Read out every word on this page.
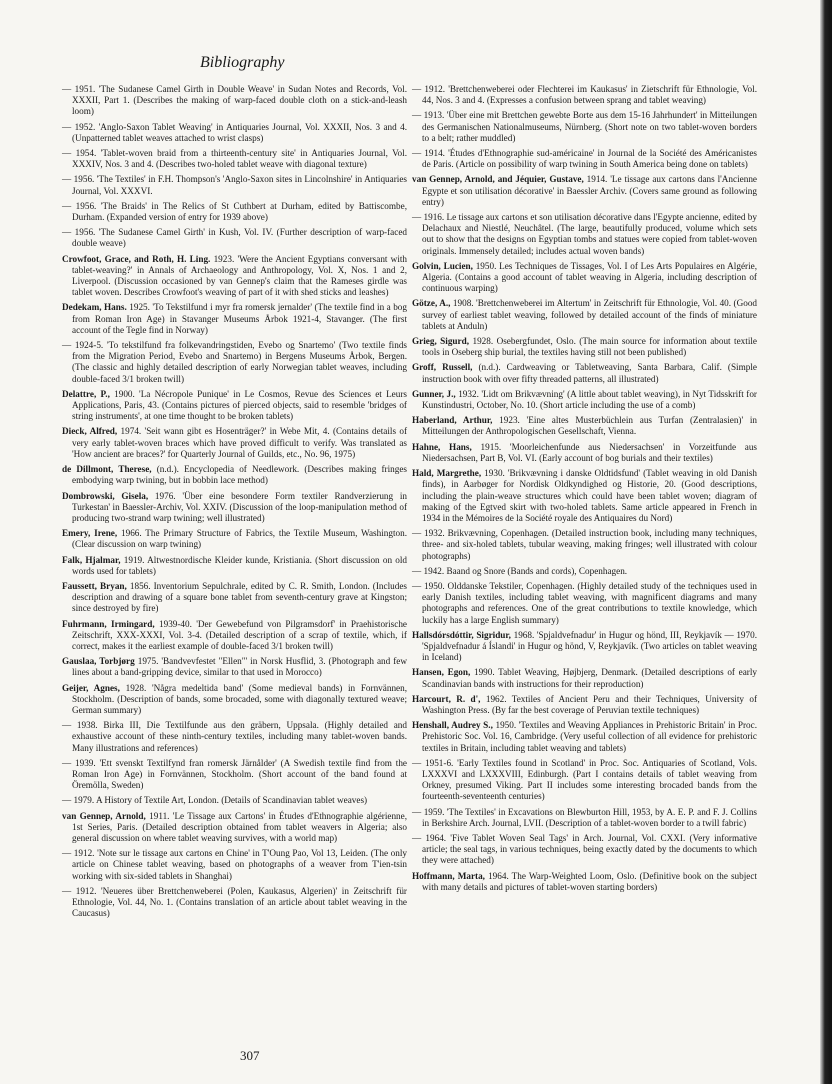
Bibliography

— 1951. 'The Sudanese Camel Girth in Double Weave' in Sudan Notes and Records, Vol. XXXII, Part 1. (Describes the making of warp-faced double cloth on a stick-and-leash loom)

— 1952. 'Anglo-Saxon Tablet Weaving' in Antiquaries Journal, Vol. XXXII, Nos. 3 and 4. (Unpatterned tablet weaves attached to wrist clasps)

— 1954. 'Tablet-woven braid from a thirteenth-century site' in Antiquaries Journal, Vol. XXXIV, Nos. 3 and 4. (Describes two-holed tablet weave with diagonal texture)

— 1956. 'The Textiles' in F.H. Thompson's 'Anglo-Saxon sites in Lincolnshire' in Antiquaries Journal, Vol. XXXVI.

— 1956. 'The Braids' in The Relics of St Cuthbert at Durham, edited by Battiscombe, Durham. (Expanded version of entry for 1939 above)

— 1956. 'The Sudanese Camel Girth' in Kush, Vol. IV. (Further description of warp-faced double weave)

Crowfoot, Grace, and Roth, H. Ling. 1923. 'Were the Ancient Egyptians conversant with tablet-weaving?' in Annals of Archaeology and Anthropology, Vol. X, Nos. 1 and 2, Liverpool. (Discussion occasioned by van Gennep's claim that the Rameses girdle was tablet woven. Describes Crowfoot's weaving of part of it with shed sticks and leashes)

Dedekam, Hans. 1925. 'To Tekstilfund i myr fra romersk jernalder' (The textile find in a bog from Roman Iron Age) in Stavanger Museums Årbok 1921-4, Stavanger. (The first account of the Tegle find in Norway)

— 1924-5. 'To tekstilfund fra folkevandringstiden, Evebo og Snartemo' (Two textile finds from the Migration Period, Evebo and Snartemo) in Bergens Museums Årbok, Bergen. (The classic and highly detailed description of early Norwegian tablet weaves, including double-faced 3/1 broken twill)

Delattre, P., 1900. 'La Nécropole Punique' in Le Cosmos, Revue des Sciences et Leurs Applications, Paris, 43. (Contains pictures of pierced objects, said to resemble 'bridges of string instruments', at one time thought to be broken tablets)

Dieck, Alfred, 1974. 'Seit wann gibt es Hosenträger?' in Webe Mit, 4. (Contains details of very early tablet-woven braces which have proved difficult to verify. Was translated as 'How ancient are braces?' for Quarterly Journal of Guilds, etc., No. 96, 1975)

de Dillmont, Therese, (n.d.). Encyclopedia of Needlework. (Describes making fringes embodying warp twining, but in bobbin lace method)

Dombrowski, Gisela, 1976. 'Über eine besondere Form textiler Randverzierung in Turkestan' in Baessler-Archiv, Vol. XXIV. (Discussion of the loop-manipulation method of producing two-strand warp twining; well illustrated)

Emery, Irene, 1966. The Primary Structure of Fabrics, the Textile Museum, Washington. (Clear discussion on warp twining)

Falk, Hjalmar, 1919. Altwestnordische Kleider kunde, Kristiania. (Short discussion on old words used for tablets)

Faussett, Bryan, 1856. Inventorium Sepulchrale, edited by C. R. Smith, London. (Includes description and drawing of a square bone tablet from seventh-century grave at Kingston; since destroyed by fire)

Fuhrmann, Irmingard, 1939-40. 'Der Gewebefund von Pilgramsdorf' in Praehistorische Zeitschrift, XXX-XXXI, Vol. 3-4. (Detailed description of a scrap of textile, which, if correct, makes it the earliest example of double-faced 3/1 broken twill)

Gauslaa, Torbjørg 1975. 'Bandvevfestet "Ellen"' in Norsk Husflid, 3. (Photograph and few lines about a band-gripping device, similar to that used in Morocco)

Geijer, Agnes, 1928. 'Några medeltida band' (Some medieval bands) in Fornvännen, Stockholm. (Description of bands, some brocaded, some with diagonally textured weave; German summary)

— 1938. Birka III, Die Textilfunde aus den gräbern, Uppsala. (Highly detailed and exhaustive account of these ninth-century textiles, including many tablet-woven bands. Many illustrations and references)

— 1939. 'Ett svenskt Textilfynd fran romersk Järnålder' (A Swedish textile find from the Roman Iron Age) in Fornvännen, Stockholm. (Short account of the band found at Öremölla, Sweden)

— 1979. A History of Textile Art, London. (Details of Scandinavian tablet weaves)

van Gennep, Arnold, 1911. 'Le Tissage aux Cartons' in Études d'Ethnographie algérienne, 1st Series, Paris. (Detailed description obtained from tablet weavers in Algeria; also general discussion on where tablet weaving survives, with a world map)

— 1912. 'Note sur le tissage aux cartons en Chine' in T'Oung Pao, Vol 13, Leiden. (The only article on Chinese tablet weaving, based on photographs of a weaver from T'ien-tsin working with six-sided tablets in Shanghai)

— 1912. 'Neueres über Brettchenweberei (Polen, Kaukasus, Algerien)' in Zeitschrift für Ethnologie, Vol. 44, No. 1. (Contains translation of an article about tablet weaving in the Caucasus)

— 1912. 'Brettchenweberei oder Flechterei im Kaukasus' in Zietschrift für Ethnologie, Vol. 44, Nos. 3 and 4. (Expresses a confusion between sprang and tablet weaving)

— 1913. 'Über eine mit Brettchen gewebte Borte aus dem 15-16 Jahrhundert' in Mitteilungen des Germanischen Nationalmuseums, Nürnberg. (Short note on two tablet-woven borders to a belt; rather muddled)

— 1914. 'Études d'Ethnographie sud-américaine' in Journal de la Société des Américanistes de Paris. (Article on possibility of warp twining in South America being done on tablets)

van Gennep, Arnold, and Jéquier, Gustave, 1914. 'Le tissage aux cartons dans l'Ancienne Egypte et son utilisation décorative' in Baessler Archiv. (Covers same ground as following entry)

— 1916. Le tissage aux cartons et son utilisation décorative dans l'Egypte ancienne, edited by Delachaux and Niestlé, Neuchâtel. (The large, beautifully produced, volume which sets out to show that the designs on Egyptian tombs and statues were copied from tablet-woven originals. Immensely detailed; includes actual woven bands)

Golvin, Lucien, 1950. Les Techniques de Tissages, Vol. I of Les Arts Populaires en Algérie, Algeria. (Contains a good account of tablet weaving in Algeria, including description of continuous warping)

Götze, A., 1908. 'Brettchenweberei im Altertum' in Zeitschrift für Ethnologie, Vol. 40. (Good survey of earliest tablet weaving, followed by detailed account of the finds of miniature tablets at Anduln)

Grieg, Sigurd, 1928. Osebergfundet, Oslo. (The main source for information about textile tools in Oseberg ship burial, the textiles having still not been published)

Groff, Russell, (n.d.). Cardweaving or Tabletweaving, Santa Barbara, Calif. (Simple instruction book with over fifty threaded patterns, all illustrated)

Gunner, J., 1932. 'Lidt om Brikvævning' (A little about tablet weaving), in Nyt Tidsskrift for Kunstindustri, October, No. 10. (Short article including the use of a comb)

Haberland, Arthur, 1923. 'Eine altes Musterbüchlein aus Turfan (Zentralasien)' in Mitteilungen der Anthropologischen Gesellschaft, Vienna.

Hahne, Hans, 1915. 'Moorleichenfunde aus Niedersachsen' in Vorzeitfunde aus Niedersachsen, Part B, Vol. VI. (Early account of bog burials and their textiles)

Hald, Margrethe, 1930. 'Brikvævning i danske Oldtidsfund' (Tablet weaving in old Danish finds), in Aarbøger for Nordisk Oldkyndighed og Historie, 20. (Good descriptions, including the plain-weave structures which could have been tablet woven; diagram of making of the Egtved skirt with two-holed tablets. Same article appeared in French in 1934 in the Mémoires de la Société royale des Antiquaires du Nord)

— 1932. Brikvævning, Copenhagen. (Detailed instruction book, including many techniques, three- and six-holed tablets, tubular weaving, making fringes; well illustrated with colour photographs)

— 1942. Baand og Snore (Bands and cords), Copenhagen.

— 1950. Olddanske Tekstiler, Copenhagen. (Highly detailed study of the techniques used in early Danish textiles, including tablet weaving, with magnificent diagrams and many photographs and references. One of the great contributions to textile knowledge, which luckily has a large English summary)

Hallsdórsdóttir, Sigridur, 1968. 'Spjaldvefnadur' in Hugur og hönd, III, Reykjavík — 1970. 'Spjaldvefnadur á Íslandi' in Hugur og hönd, V, Reykjavík. (Two articles on tablet weaving in Iceland)

Hansen, Egon, 1990. Tablet Weaving, Højbjerg, Denmark. (Detailed descriptions of early Scandinavian bands with instructions for their reproduction)

Harcourt, R. d', 1962. Textiles of Ancient Peru and their Techniques, University of Washington Press. (By far the best coverage of Peruvian textile techniques)

Henshall, Audrey S., 1950. 'Textiles and Weaving Appliances in Prehistoric Britain' in Proc. Prehistoric Soc. Vol. 16, Cambridge. (Very useful collection of all evidence for prehistoric textiles in Britain, including tablet weaving and tablets)

— 1951-6. 'Early Textiles found in Scotland' in Proc. Soc. Antiquaries of Scotland, Vols. LXXXVI and LXXXVIII, Edinburgh. (Part I contains details of tablet weaving from Orkney, presumed Viking. Part II includes some interesting brocaded bands from the fourteenth-seventeenth centuries)

— 1959. 'The Textiles' in Excavations on Blewburton Hill, 1953, by A. E. P. and F. J. Collins in Berkshire Arch. Journal, LVII. (Description of a tablet-woven border to a twill fabric)

— 1964. 'Five Tablet Woven Seal Tags' in Arch. Journal, Vol. CXXI. (Very informative article; the seal tags, in various techniques, being exactly dated by the documents to which they were attached)

Hoffmann, Marta, 1964. The Warp-Weighted Loom, Oslo. (Definitive book on the subject with many details and pictures of tablet-woven starting borders)

307
